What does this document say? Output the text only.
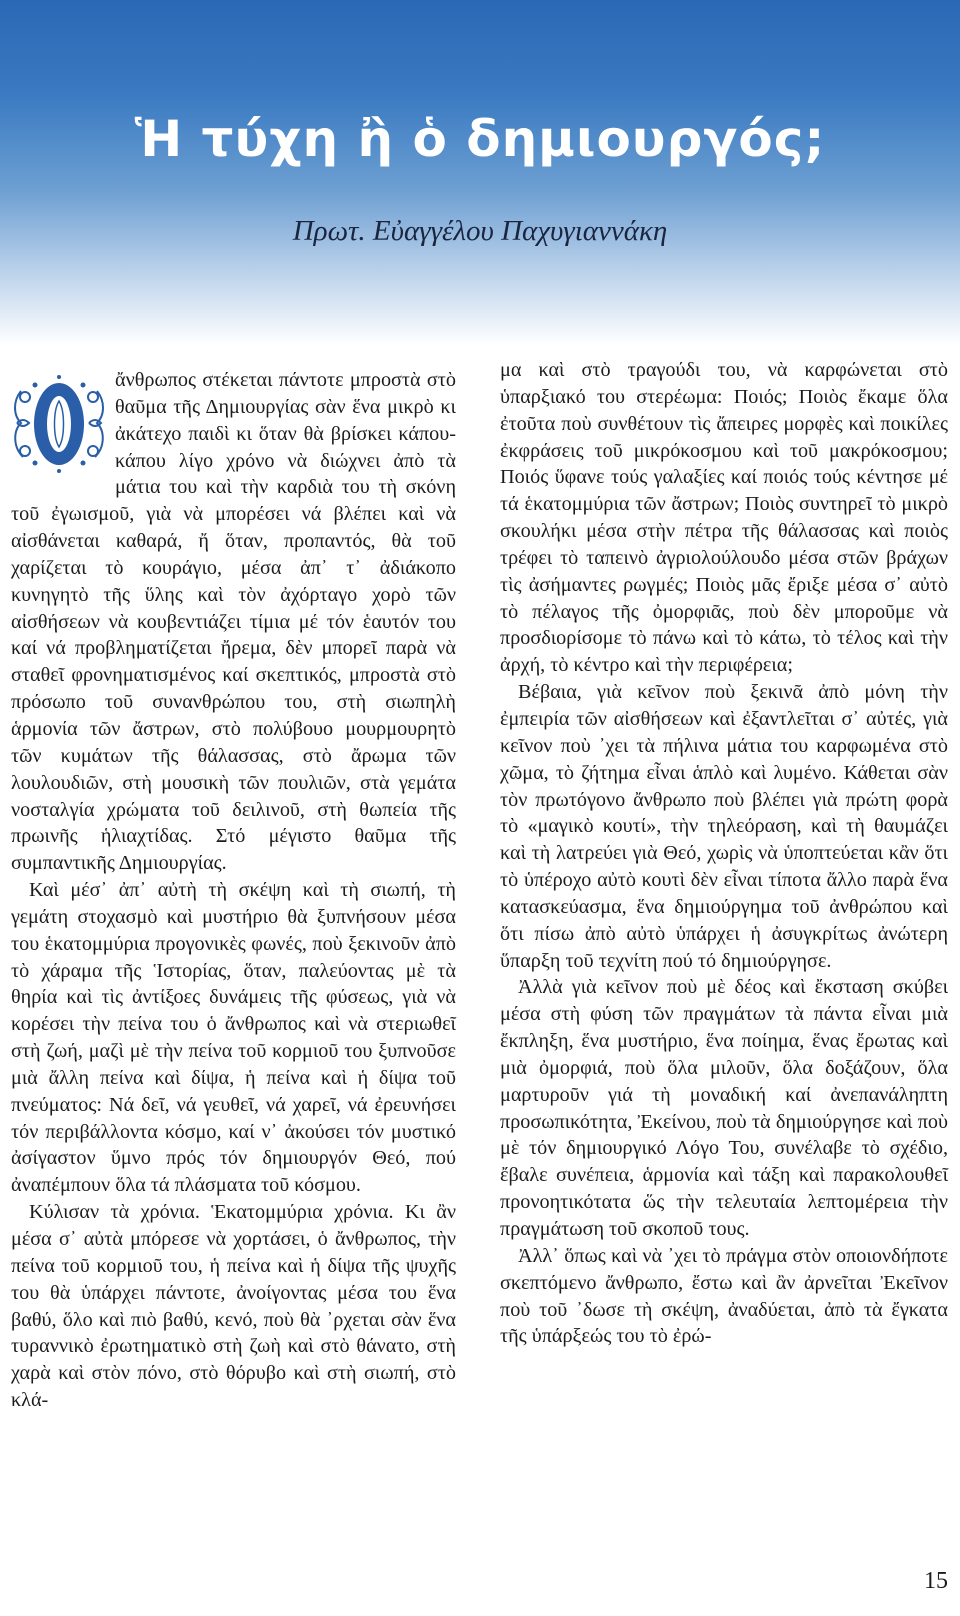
Ἡ τύχη ἢ ὁ δημιουργός;

Πρωτ. Εὐαγγέλου Παχυγιαννάκη

ἄνθρωπος στέκεται πάντοτε μπροστὰ στὸ θαῦμα τῆς Δημιουργίας σὰν ἕνα μικρὸ κι ἀκάτεχο παιδὶ κι ὅταν θὰ βρίσκει κάπου-κάπου λίγο χρόνο νὰ διώχνει ἀπὸ τὰ μάτια του καὶ τὴν καρδιὰ του τὴ σκόνη τοῦ ἐγωισμοῦ, γιὰ νὰ μπορέσει νά βλέπει καὶ νὰ αἰσθάνεται καθαρά, ἤ ὅταν, προπαντός, θὰ τοῦ χαρίζεται τὸ κουράγιο, μέσα ἀπ᾽ τ᾽ ἀδιάκοπο κυνηγητὸ τῆς ὕλης καὶ τὸν ἀχόρταγο χορὸ τῶν αἰσθήσεων νὰ κουβεντιάζει τίμια μέ τόν ἑαυτόν του καί νά προβληματίζεται ἤρεμα, δὲν μπορεῖ παρὰ νὰ σταθεῖ φρονηματισμένος καί σκεπτικός, μπροστὰ στὸ πρόσωπο τοῦ συνανθρώπου του, στὴ σιωπηλὴ ἁρμονία τῶν ἄστρων, στὸ πολύβουο μουρμουρητὸ τῶν κυμάτων τῆς θάλασσας, στὸ ἄρωμα τῶν λουλουδιῶν, στὴ μουσικὴ τῶν πουλιῶν, στὰ γεμάτα νοσταλγία χρώματα τοῦ δειλινοῦ, στὴ θωπεία τῆς πρωινῆς ἡλιαχτίδας. Στό μέγιστο θαῦμα τῆς συμπαντικῆς Δημιουργίας.

Καὶ μέσ᾽ ἀπ᾽ αὐτὴ τὴ σκέψη καὶ τὴ σιωπή, τὴ γεμάτη στοχασμὸ καὶ μυστήριο θὰ ξυπνήσουν μέσα του ἑκατομμύρια προγονικὲς φωνές, ποὺ ξεκινοῦν ἀπὸ τὸ χάραμα τῆς Ἱστορίας, ὅταν, παλεύοντας μὲ τὰ θηρία καὶ τὶς ἀντίξοες δυνάμεις τῆς φύσεως, γιὰ νὰ κορέσει τὴν πείνα του ὁ ἄνθρωπος καὶ νὰ στεριωθεῖ στὴ ζωή, μαζὶ μὲ τὴν πείνα τοῦ κορμιοῦ του ξυπνοῦσε μιὰ ἄλλη πείνα καὶ δίψα, ἡ πείνα καὶ ἡ δίψα τοῦ πνεύματος: Νά δεῖ, νά γευθεῖ, νά χαρεῖ, νά ἐρευνήσει τόν περιβάλλοντα κόσμο, καί ν᾽ ἀκούσει τόν μυστικό ἀσίγαστον ὕμνο πρός τόν δημιουργόν Θεό, πού ἀναπέμπουν ὅλα τά πλάσματα τοῦ κόσμου.

Κύλισαν τὰ χρόνια. Ἑκατομμύρια χρόνια. Κι ἂν μέσα σ᾽ αὐτὰ μπόρεσε νὰ χορτάσει, ὁ ἄνθρωπος, τὴν πείνα τοῦ κορμιοῦ του, ἡ πείνα καὶ ἡ δίψα τῆς ψυχῆς του θὰ ὑπάρχει πάντοτε, ἀνοίγοντας μέσα του ἕνα βαθύ, ὅλο καὶ πιὸ βαθύ, κενό, ποὺ θὰ ᾽ρχεται σὰν ἕνα τυραννικὸ ἐρωτηματικὸ στὴ ζωὴ καὶ στὸ θάνατο, στὴ χαρὰ καὶ στὸν πόνο, στὸ θόρυβο καὶ στὴ σιωπή, στὸ κλά-

μα καὶ στὸ τραγούδι του, νὰ καρφώνεται στὸ ὑπαρξιακό του στερέωμα: Ποιός; Ποιὸς ἔκαμε ὅλα ἐτοῦτα ποὺ συνθέτουν τὶς ἄπειρες μορφὲς καὶ ποικίλες ἐκφράσεις τοῦ μικρόκοσμου καὶ τοῦ μακρόκοσμου; Ποιός ὕφανε τούς γαλαξίες καί ποιός τούς κέντησε μέ τά ἑκατομμύρια τῶν ἄστρων; Ποιὸς συντηρεῖ τὸ μικρὸ σκουλήκι μέσα στὴν πέτρα τῆς θάλασσας καὶ ποιὸς τρέφει τὸ ταπεινὸ ἀγριολούλουδο μέσα στῶν βράχων τὶς ἀσήμαντες ρωγμές; Ποιὸς μᾶς ἔριξε μέσα σ᾽ αὐτὸ τὸ πέλαγος τῆς ὀμορφιᾶς, ποὺ δὲν μποροῦμε νὰ προσδιορίσομε τὸ πάνω καὶ τὸ κάτω, τὸ τέλος καὶ τὴν ἀρχή, τὸ κέντρο καὶ τὴν περιφέρεια;

Βέβαια, γιὰ κεῖνον ποὺ ξεκινᾶ ἀπὸ μόνη τὴν ἐμπειρία τῶν αἰσθήσεων καὶ ἐξαντλεῖται σ᾽ αὐτές, γιὰ κεῖνον ποὺ ᾽χει τὰ πήλινα μάτια του καρφωμένα στὸ χῶμα, τὸ ζήτημα εἶναι ἁπλὸ καὶ λυμένο. Κάθεται σὰν τὸν πρωτόγονο ἄνθρωπο ποὺ βλέπει γιὰ πρώτη φορὰ τὸ «μαγικὸ κουτί», τὴν τηλεόραση, καὶ τὴ θαυμάζει καὶ τὴ λατρεύει γιὰ Θεό, χωρὶς νὰ ὑποπτεύεται κἂν ὅτι τὸ ὑπέροχο αὐτὸ κουτὶ δὲν εἶναι τίποτα ἄλλο παρὰ ἕνα κατασκεύασμα, ἕνα δημιούργημα τοῦ ἀνθρώπου καὶ ὅτι πίσω ἀπὸ αὐτὸ ὑπάρχει ἡ ἀσυγκρίτως ἀνώτερη ὕπαρξη τοῦ τεχνίτη πού τό δημιούργησε.

Ἀλλὰ γιὰ κεῖνον ποὺ μὲ δέος καὶ ἔκσταση σκύβει μέσα στὴ φύση τῶν πραγμάτων τὰ πάντα εἶναι μιὰ ἔκπληξη, ἕνα μυστήριο, ἕνα ποίημα, ἕνας ἔρωτας καὶ μιὰ ὀμορφιά, ποὺ ὅλα μιλοῦν, ὅλα δοξάζουν, ὅλα μαρτυροῦν γιά τὴ μοναδική καί ἀνεπανάληπτη προσωπικότητα, Ἐκείνου, ποὺ τὰ δημιούργησε καὶ ποὺ μὲ τόν δημιουργικό Λόγο Του, συνέλαβε τὸ σχέδιο, ἔβαλε συνέπεια, ἁρμονία καὶ τάξη καὶ παρακολουθεῖ προνοητικότατα ὥς τὴν τελευταία λεπτομέρεια τὴν πραγμάτωση τοῦ σκοποῦ τους.

Ἀλλ᾽ ὅπως καὶ νὰ ᾽χει τὸ πράγμα στὸν οποιονδήποτε σκεπτόμενο ἄνθρωπο, ἔστω καὶ ἂν ἀρνεῖται Ἐκεῖνον ποὺ τοῦ ᾽δωσε τὴ σκέψη, ἀναδύεται, ἀπὸ τὰ ἔγκατα τῆς ὑπάρξεώς του τὸ ἐρώ-

15
